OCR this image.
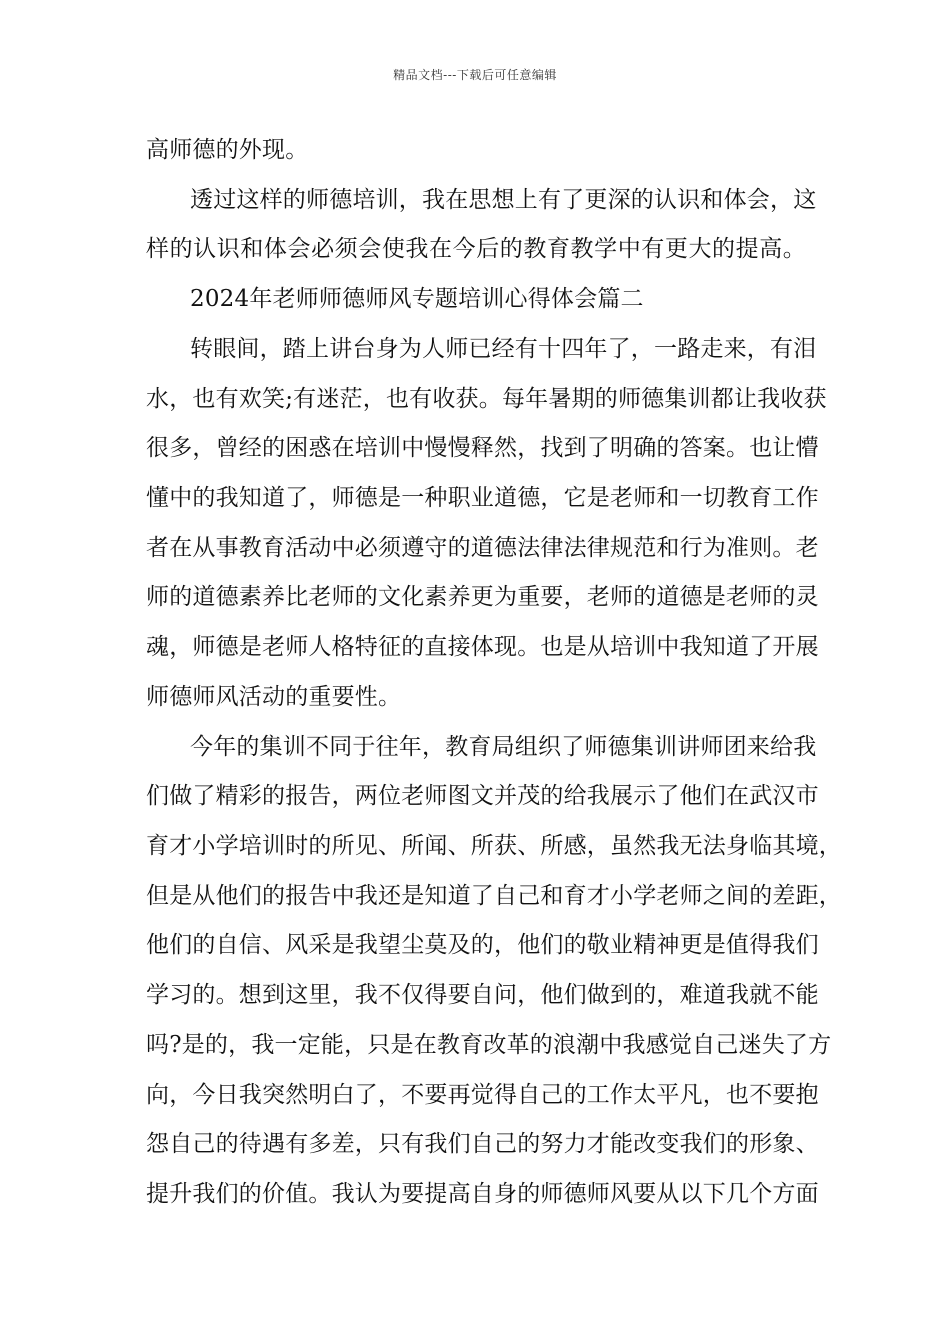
精品文档---下载后可任意编辑
高师德的外现。
透过这样的师德培训，我在思想上有了更深的认识和体会，这
样的认识和体会必须会使我在今后的教育教学中有更大的提高。
2024年老师师德师风专题培训心得体会篇二
转眼间，踏上讲台身为人师已经有十四年了，一路走来，有泪
水，也有欢笑;有迷茫，也有收获。每年暑期的师德集训都让我收获
很多，曾经的困惑在培训中慢慢释然，找到了明确的答案。也让懵
懂中的我知道了，师德是一种职业道德，它是老师和一切教育工作
者在从事教育活动中必须遵守的道德法律法律规范和行为准则。老
师的道德素养比老师的文化素养更为重要，老师的道德是老师的灵
魂，师德是老师人格特征的直接体现。也是从培训中我知道了开展
师德师风活动的重要性。
今年的集训不同于往年，教育局组织了师德集训讲师团来给我
们做了精彩的报告，两位老师图文并茂的给我展示了他们在武汉市
育才小学培训时的所见、所闻、所获、所感，虽然我无法身临其境，
但是从他们的报告中我还是知道了自己和育才小学老师之间的差距，
他们的自信、风采是我望尘莫及的，他们的敬业精神更是值得我们
学习的。想到这里，我不仅得要自问，他们做到的，难道我就不能
吗?是的，我一定能，只是在教育改革的浪潮中我感觉自己迷失了方
向，今日我突然明白了，不要再觉得自己的工作太平凡，也不要抱
怨自己的待遇有多差，只有我们自己的努力才能改变我们的形象、
提升我们的价值。我认为要提高自身的师德师风要从以下几个方面
